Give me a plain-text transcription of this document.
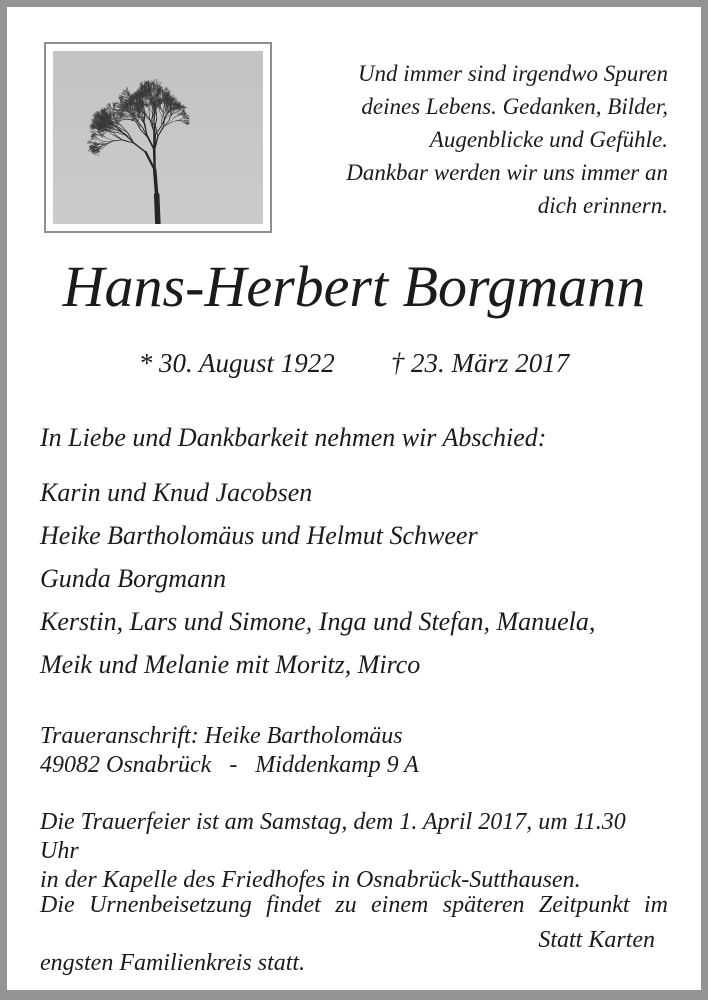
Und immer sind irgendwo Spuren
deines Lebens. Gedanken, Bilder,
Augenblicke und Gefühle.
Dankbar werden wir uns immer an
dich erinnern.
Hans-Herbert Borgmann
* 30. August 1922 † 23. März 2017
In Liebe und Dankbarkeit nehmen wir Abschied:
Karin und Knud Jacobsen
Heike Bartholomäus und Helmut Schweer
Gunda Borgmann
Kerstin, Lars und Simone, Inga und Stefan, Manuela,
Meik und Melanie mit Moritz, Mirco
Traueranschrift: Heike Bartholomäus
49082 Osnabrück   -   Middenkamp 9 A
Die Trauerfeier ist am Samstag, dem 1. April 2017, um 11.30 Uhr
in der Kapelle des Friedhofes in Osnabrück-Sutthausen.
Die Urnenbeisetzung findet zu einem späteren Zeitpunkt im
engsten Familienkreis statt.
Statt Karten
